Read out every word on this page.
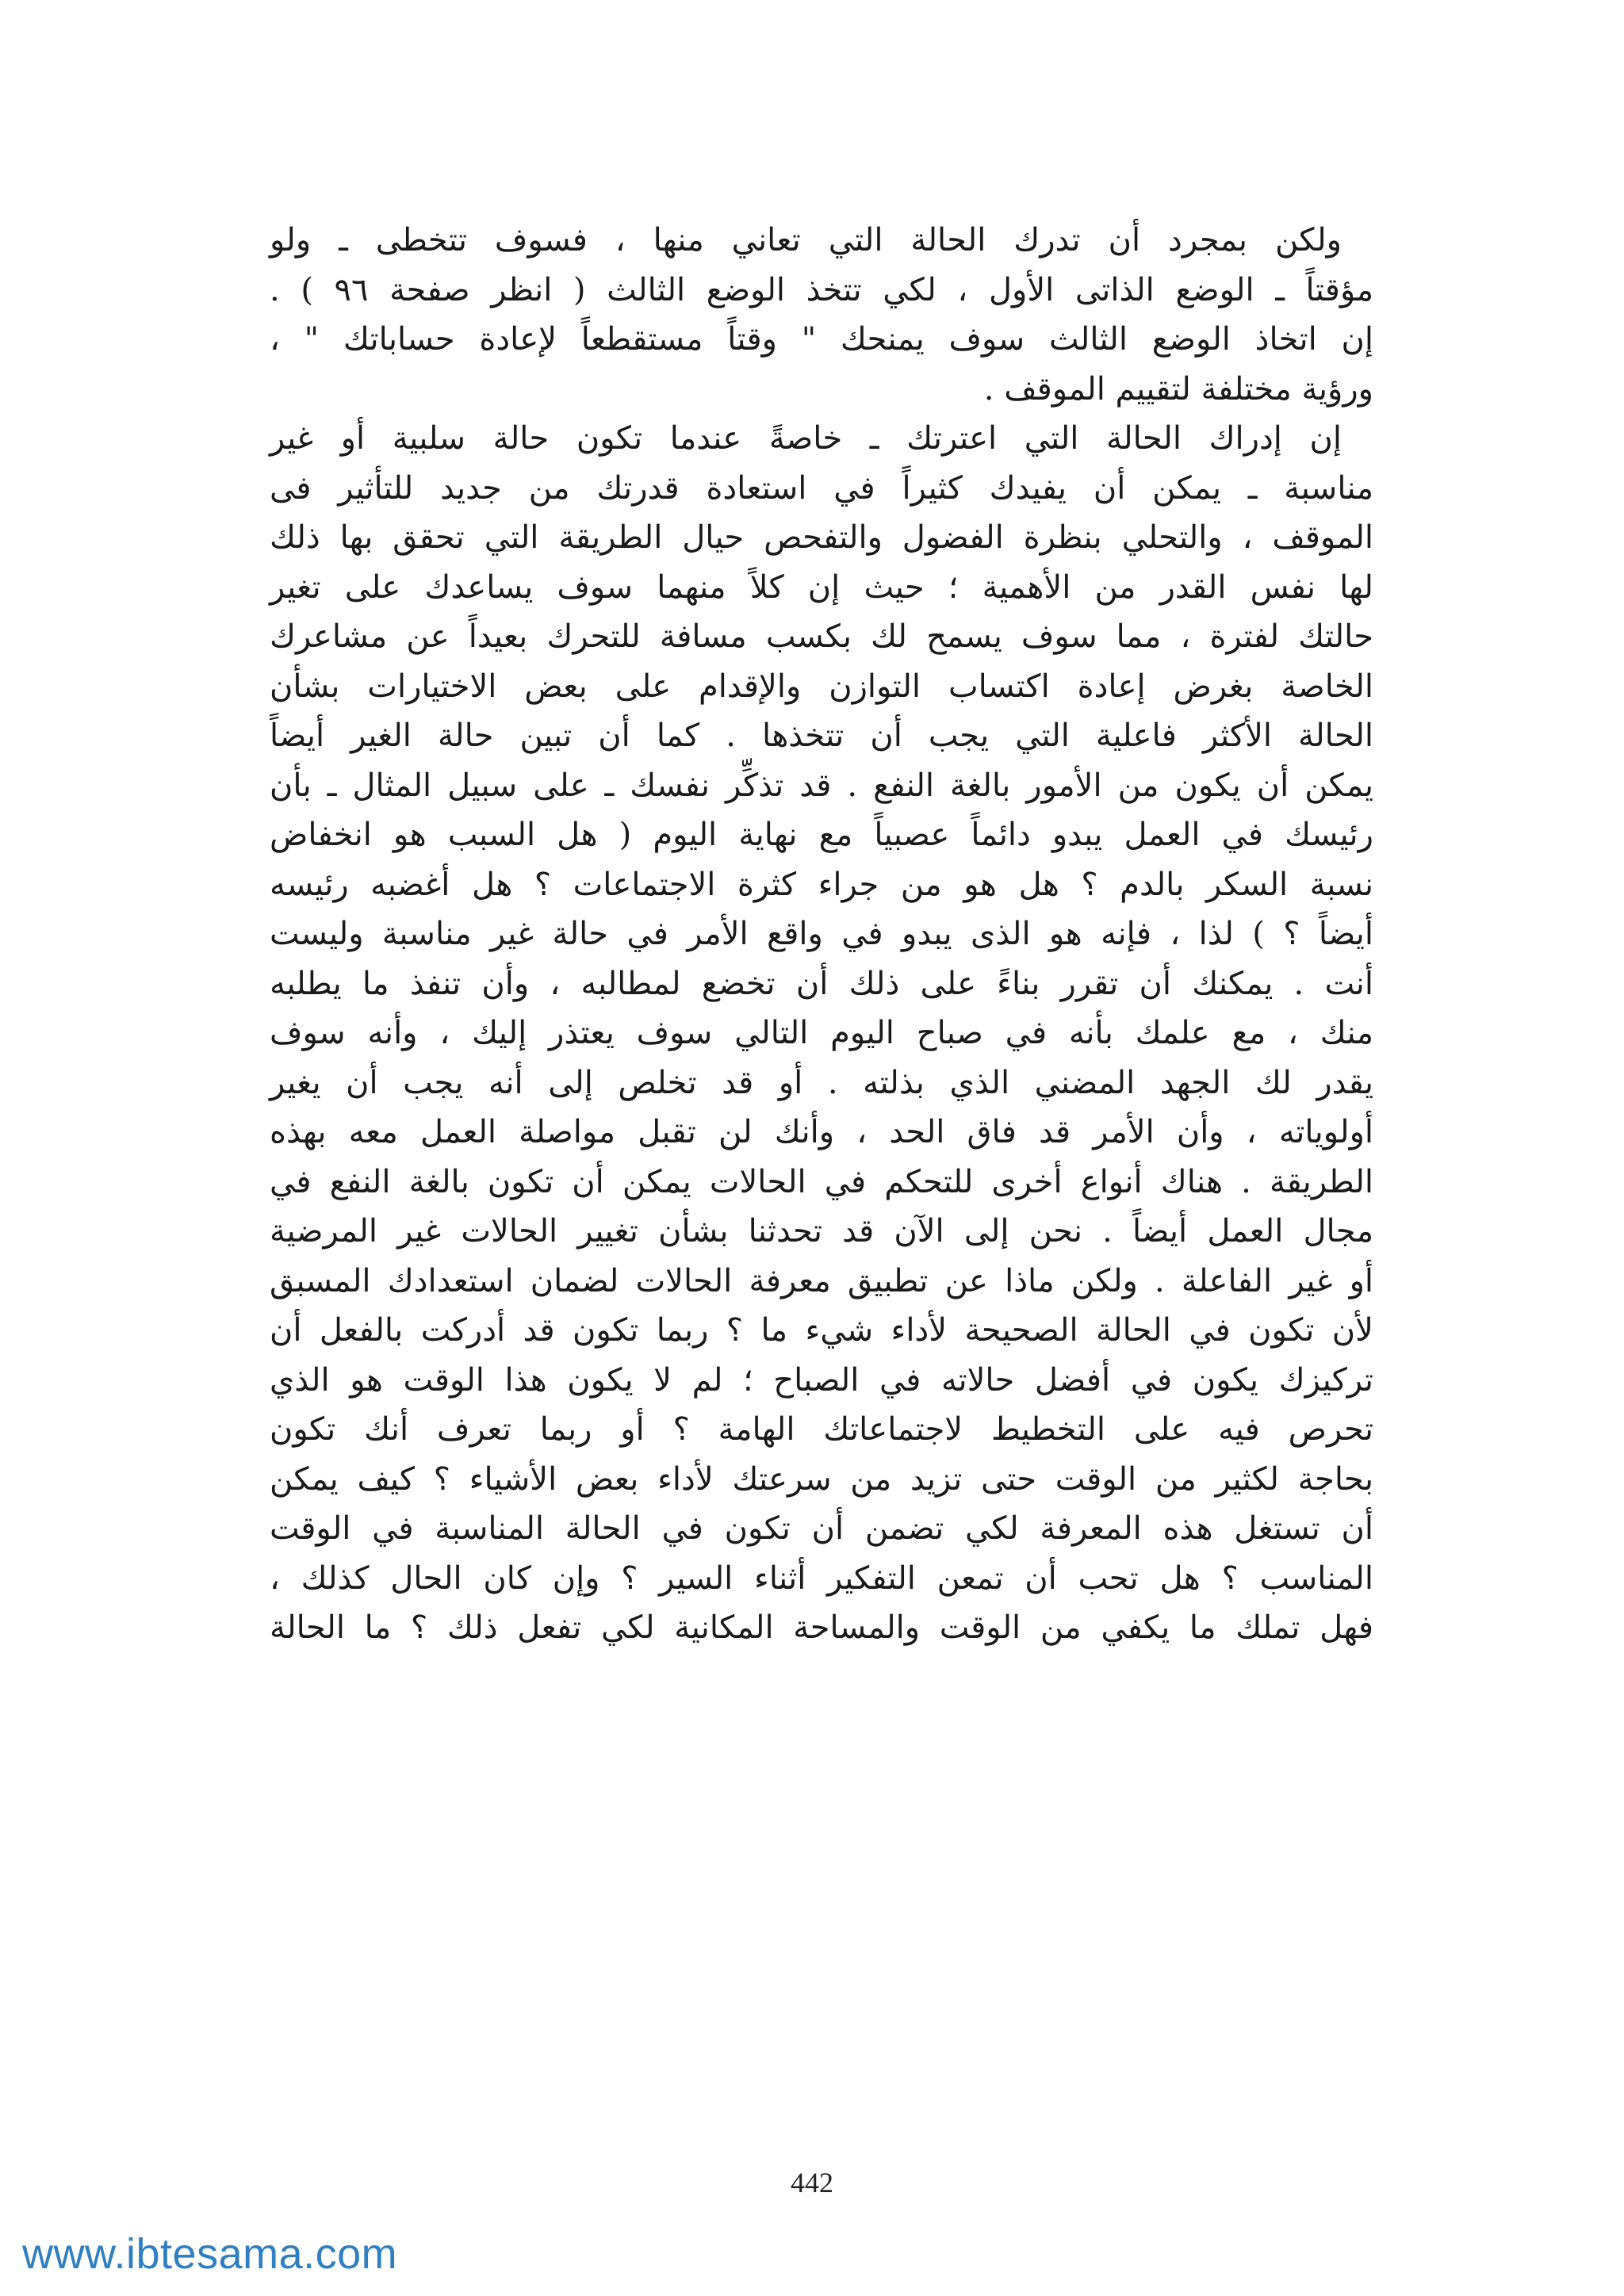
ولكن بمجرد أن تدرك الحالة التي تعاني منها ، فسوف تتخطى ـ ولو
مؤقتاً ـ الوضع الذاتى الأول ، لكي تتخذ الوضع الثالث ( انظر صفحة ٩٦ ) .
إن اتخاذ الوضع الثالث سوف يمنحك " وقتاً مستقطعاً لإعادة حساباتك " ،
ورؤية مختلفة لتقييم الموقف .

إن إدراك الحالة التي اعترتك ـ خاصةً عندما تكون حالة سلبية أو غير
مناسبة ـ يمكن أن يفيدك كثيراً في استعادة قدرتك من جديد للتأثير فى
الموقف ، والتحلي بنظرة الفضول والتفحص حيال الطريقة التي تحقق بها ذلك
لها نفس القدر من الأهمية ؛ حيث إن كلاً منهما سوف يساعدك على تغير
حالتك لفترة ، مما سوف يسمح لك بكسب مسافة للتحرك بعيداً عن مشاعرك
الخاصة بغرض إعادة اكتساب التوازن والإقدام على بعض الاختيارات بشأن
الحالة الأكثر فاعلية التي يجب أن تتخذها . كما أن تبين حالة الغير أيضاً
يمكن أن يكون من الأمور بالغة النفع . قد تذكِّر نفسك ـ على سبيل المثال ـ بأن
رئيسك في العمل يبدو دائماً عصبياً مع نهاية اليوم ( هل السبب هو انخفاض
نسبة السكر بالدم ؟ هل هو من جراء كثرة الاجتماعات ؟ هل أغضبه رئيسه
أيضاً ؟ ) لذا ، فإنه هو الذى يبدو في واقع الأمر في حالة غير مناسبة وليست
أنت . يمكنك أن تقرر بناءً على ذلك أن تخضع لمطالبه ، وأن تنفذ ما يطلبه
منك ، مع علمك بأنه في صباح اليوم التالي سوف يعتذر إليك ، وأنه سوف
يقدر لك الجهد المضني الذي بذلته . أو قد تخلص إلى أنه يجب أن يغير
أولوياته ، وأن الأمر قد فاق الحد ، وأنك لن تقبل مواصلة العمل معه بهذه
الطريقة . هناك أنواع أخرى للتحكم في الحالات يمكن أن تكون بالغة النفع في
مجال العمل أيضاً . نحن إلى الآن قد تحدثنا بشأن تغيير الحالات غير المرضية
أو غير الفاعلة . ولكن ماذا عن تطبيق معرفة الحالات لضمان استعدادك المسبق
لأن تكون في الحالة الصحيحة لأداء شيء ما ؟ ربما تكون قد أدركت بالفعل أن
تركيزك يكون في أفضل حالاته في الصباح ؛ لم لا يكون هذا الوقت هو الذي
تحرص فيه على التخطيط لاجتماعاتك الهامة ؟ أو ربما تعرف أنك تكون
بحاجة لكثير من الوقت حتى تزيد من سرعتك لأداء بعض الأشياء ؟ كيف يمكن
أن تستغل هذه المعرفة لكي تضمن أن تكون في الحالة المناسبة في الوقت
المناسب ؟ هل تحب أن تمعن التفكير أثناء السير ؟ وإن كان الحال كذلك ،
فهل تملك ما يكفي من الوقت والمساحة المكانية لكي تفعل ذلك ؟ ما الحالة

442
www.ibtesama.com
